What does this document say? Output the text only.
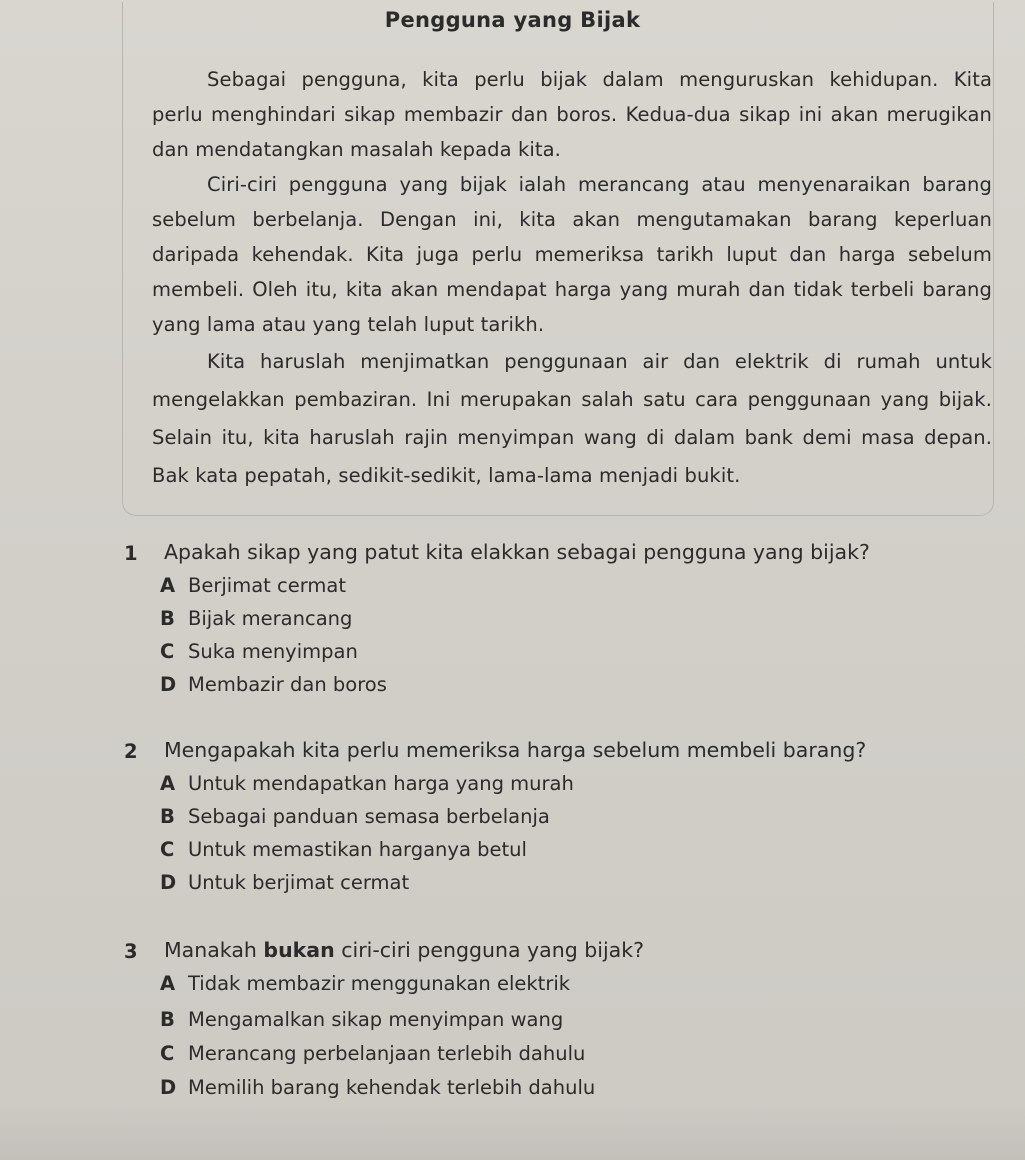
Pengguna yang Bijak
Sebagai pengguna, kita perlu bijak dalam menguruskan kehidupan. Kita
perlu menghindari sikap membazir dan boros. Kedua-dua sikap ini akan merugikan
dan mendatangkan masalah kepada kita.
Ciri-ciri pengguna yang bijak ialah merancang atau menyenaraikan barang
sebelum berbelanja. Dengan ini, kita akan mengutamakan barang keperluan
daripada kehendak. Kita juga perlu memeriksa tarikh luput dan harga sebelum
membeli. Oleh itu, kita akan mendapat harga yang murah dan tidak terbeli barang
yang lama atau yang telah luput tarikh.
Kita haruslah menjimatkan penggunaan air dan elektrik di rumah untuk
mengelakkan pembaziran. Ini merupakan salah satu cara penggunaan yang bijak.
Selain itu, kita haruslah rajin menyimpan wang di dalam bank demi masa depan.
Bak kata pepatah, sedikit-sedikit, lama-lama menjadi bukit.
1 Apakah sikap yang patut kita elakkan sebagai pengguna yang bijak?
A Berjimat cermat
B Bijak merancang
C Suka menyimpan
D Membazir dan boros
2 Mengapakah kita perlu memeriksa harga sebelum membeli barang?
A Untuk mendapatkan harga yang murah
B Sebagai panduan semasa berbelanja
C Untuk memastikan harganya betul
D Untuk berjimat cermat
3 Manakah bukan ciri-ciri pengguna yang bijak?
A Tidak membazir menggunakan elektrik
B Mengamalkan sikap menyimpan wang
C Merancang perbelanjaan terlebih dahulu
D Memilih barang kehendak terlebih dahulu
